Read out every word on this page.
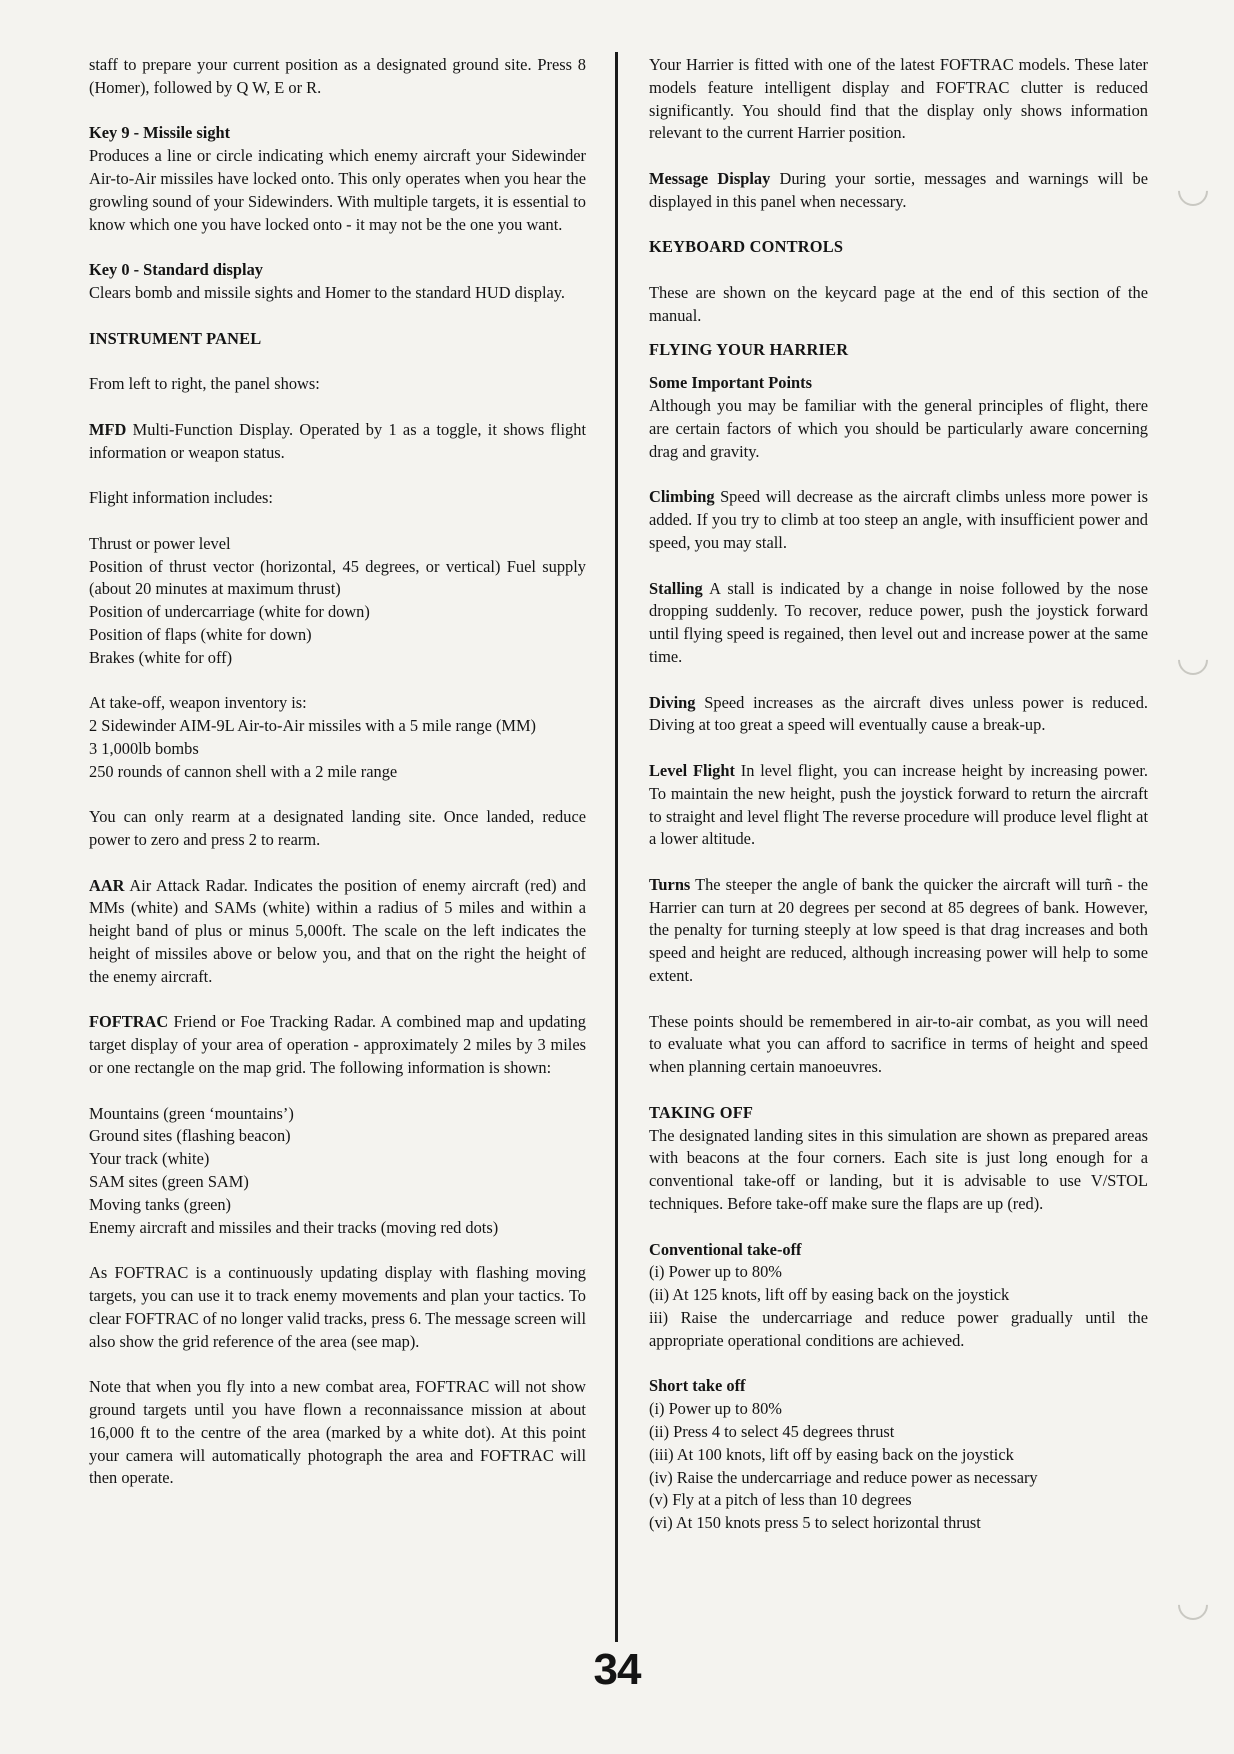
staff to prepare your current position as a designated ground site. Press 8 (Homer), followed by Q W, E or R.

Key 9 - Missile sight
Produces a line or circle indicating which enemy aircraft your Sidewinder Air-to-Air missiles have locked onto. This only operates when you hear the growling sound of your Sidewinders. With multiple targets, it is essential to know which one you have locked onto - it may not be the one you want.

Key 0 - Standard display
Clears bomb and missile sights and Homer to the standard HUD display.

INSTRUMENT PANEL

From left to right, the panel shows:

MFD Multi-Function Display. Operated by 1 as a toggle, it shows flight information or weapon status.

Flight information includes:

Thrust or power level
Position of thrust vector (horizontal, 45 degrees, or vertical) Fuel supply (about 20 minutes at maximum thrust)
Position of undercarriage (white for down)
Position of flaps (white for down)
Brakes (white for off)

At take-off, weapon inventory is:
2 Sidewinder AIM-9L Air-to-Air missiles with a 5 mile range (MM)
3 1,000lb bombs
250 rounds of cannon shell with a 2 mile range

You can only rearm at a designated landing site. Once landed, reduce power to zero and press 2 to rearm.

AAR Air Attack Radar. Indicates the position of enemy aircraft (red) and MMs (white) and SAMs (white) within a radius of 5 miles and within a height band of plus or minus 5,000ft. The scale on the left indicates the height of missiles above or below you, and that on the right the height of the enemy aircraft.

FOFTRAC Friend or Foe Tracking Radar. A combined map and updating target display of your area of operation - approximately 2 miles by 3 miles or one rectangle on the map grid. The following information is shown:

Mountains (green ‘mountains’)
Ground sites (flashing beacon)
Your track (white)
SAM sites (green SAM)
Moving tanks (green)
Enemy aircraft and missiles and their tracks (moving red dots)

As FOFTRAC is a continuously updating display with flashing moving targets, you can use it to track enemy movements and plan your tactics. To clear FOFTRAC of no longer valid tracks, press 6. The message screen will also show the grid reference of the area (see map).

Note that when you fly into a new combat area, FOFTRAC will not show ground targets until you have flown a reconnaissance mission at about 16,000 ft to the centre of the area (marked by a white dot). At this point your camera will automatically photograph the area and FOFTRAC will then operate.

Your Harrier is fitted with one of the latest FOFTRAC models. These later models feature intelligent display and FOFTRAC clutter is reduced significantly. You should find that the display only shows information relevant to the current Harrier position.

Message Display During your sortie, messages and warnings will be displayed in this panel when necessary.

KEYBOARD CONTROLS

These are shown on the keycard page at the end of this section of the manual.

FLYING YOUR HARRIER

Some Important Points
Although you may be familiar with the general principles of flight, there are certain factors of which you should be particularly aware concerning drag and gravity.

Climbing Speed will decrease as the aircraft climbs unless more power is added. If you try to climb at too steep an angle, with insufficient power and speed, you may stall.

Stalling A stall is indicated by a change in noise followed by the nose dropping suddenly. To recover, reduce power, push the joystick forward until flying speed is regained, then level out and increase power at the same time.

Diving Speed increases as the aircraft dives unless power is reduced. Diving at too great a speed will eventually cause a break-up.

Level Flight In level flight, you can increase height by increasing power. To maintain the new height, push the joystick forward to return the aircraft to straight and level flight The reverse procedure will produce level flight at a lower altitude.

Turns The steeper the angle of bank the quicker the aircraft will turñ - the Harrier can turn at 20 degrees per second at 85 degrees of bank. However, the penalty for turning steeply at low speed is that drag increases and both speed and height are reduced, although increasing power will help to some extent.

These points should be remembered in air-to-air combat, as you will need to evaluate what you can afford to sacrifice in terms of height and speed when planning certain manoeuvres.

TAKING OFF
The designated landing sites in this simulation are shown as prepared areas with beacons at the four corners. Each site is just long enough for a conventional take-off or landing, but it is advisable to use V/STOL techniques. Before take-off make sure the flaps are up (red).

Conventional take-off
(i) Power up to 80%
(ii) At 125 knots, lift off by easing back on the joystick
iii) Raise the undercarriage and reduce power gradually until the appropriate operational conditions are achieved.

Short take off
(i) Power up to 80%
(ii) Press 4 to select 45 degrees thrust
(iii) At 100 knots, lift off by easing back on the joystick
(iv) Raise the undercarriage and reduce power as necessary
(v) Fly at a pitch of less than 10 degrees
(vi) At 150 knots press 5 to select horizontal thrust

34
